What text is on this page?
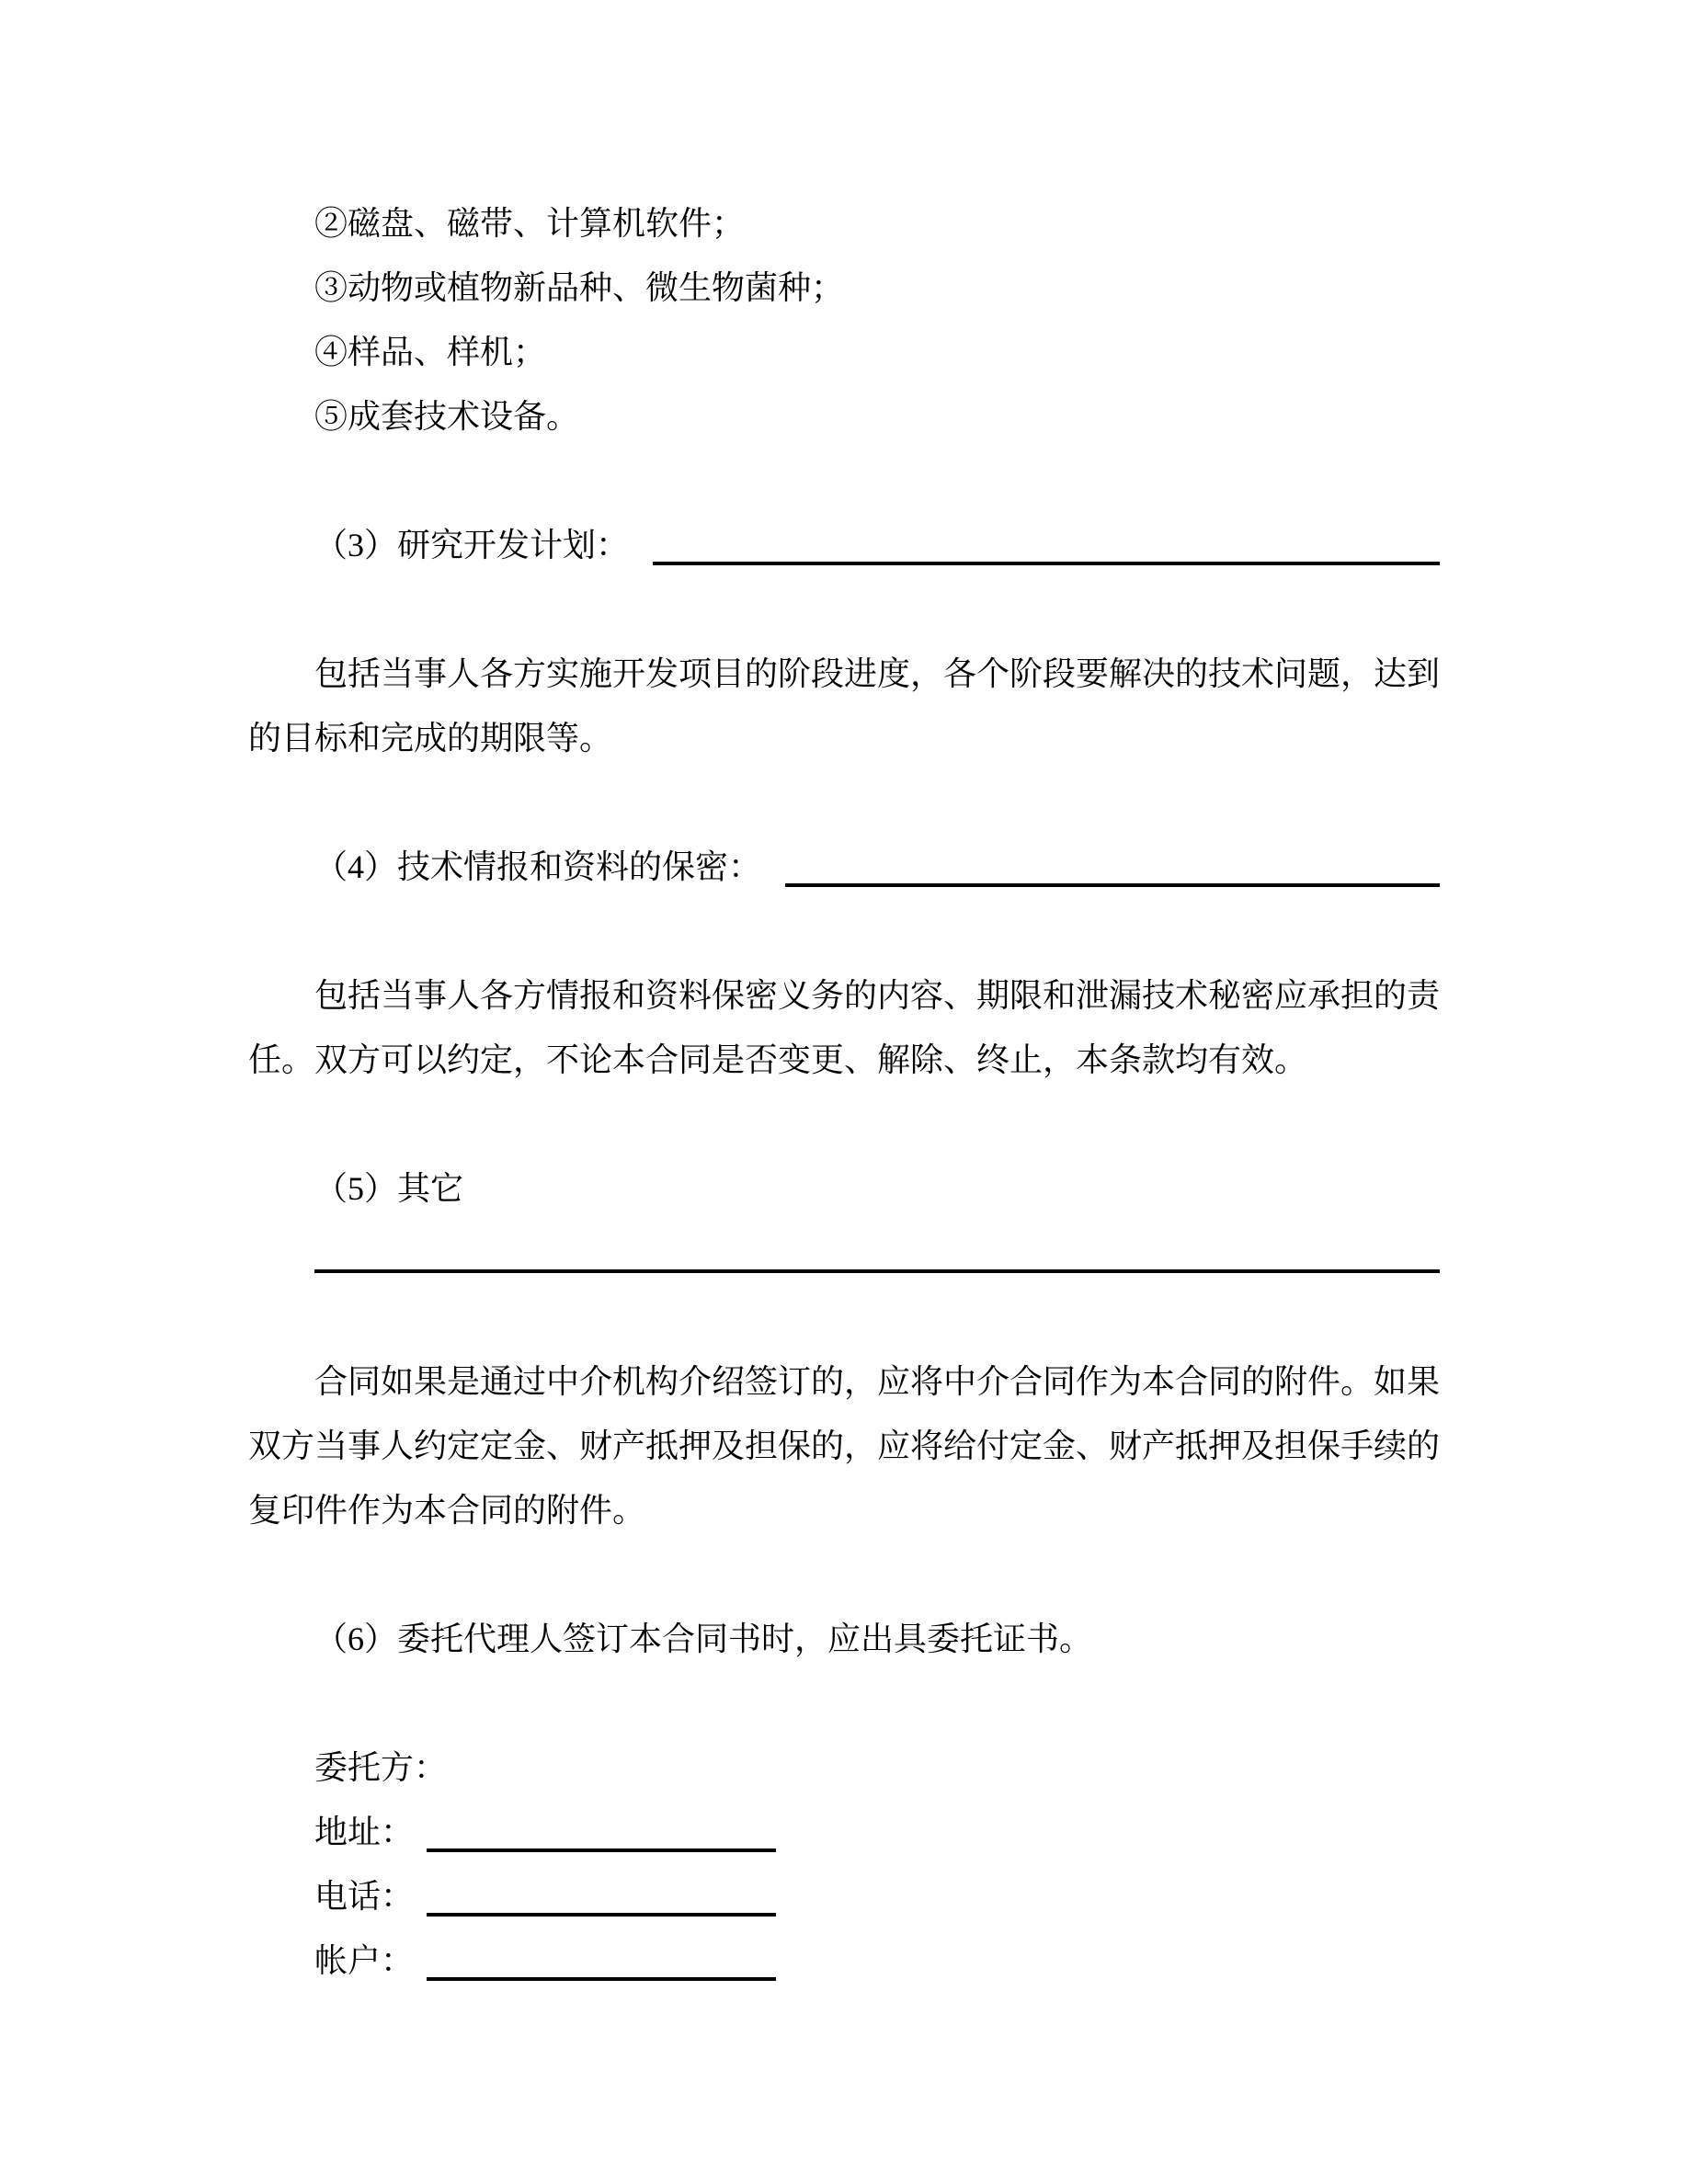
②磁盘、磁带、计算机软件；
③动物或植物新品种、微生物菌种；
④样品、样机；
⑤成套技术设备。
（3）研究开发计划：
包括当事人各方实施开发项目的阶段进度，各个阶段要解决的技术问题，达到的目标和完成的期限等。
（4）技术情报和资料的保密：
包括当事人各方情报和资料保密义务的内容、期限和泄漏技术秘密应承担的责任。双方可以约定，不论本合同是否变更、解除、终止，本条款均有效。
（5）其它
合同如果是通过中介机构介绍签订的，应将中介合同作为本合同的附件。如果双方当事人约定定金、财产抵押及担保的，应将给付定金、财产抵押及担保手续的复印件作为本合同的附件。
（6）委托代理人签订本合同书时，应出具委托证书。
委托方：
地址：
电话：
帐户：
